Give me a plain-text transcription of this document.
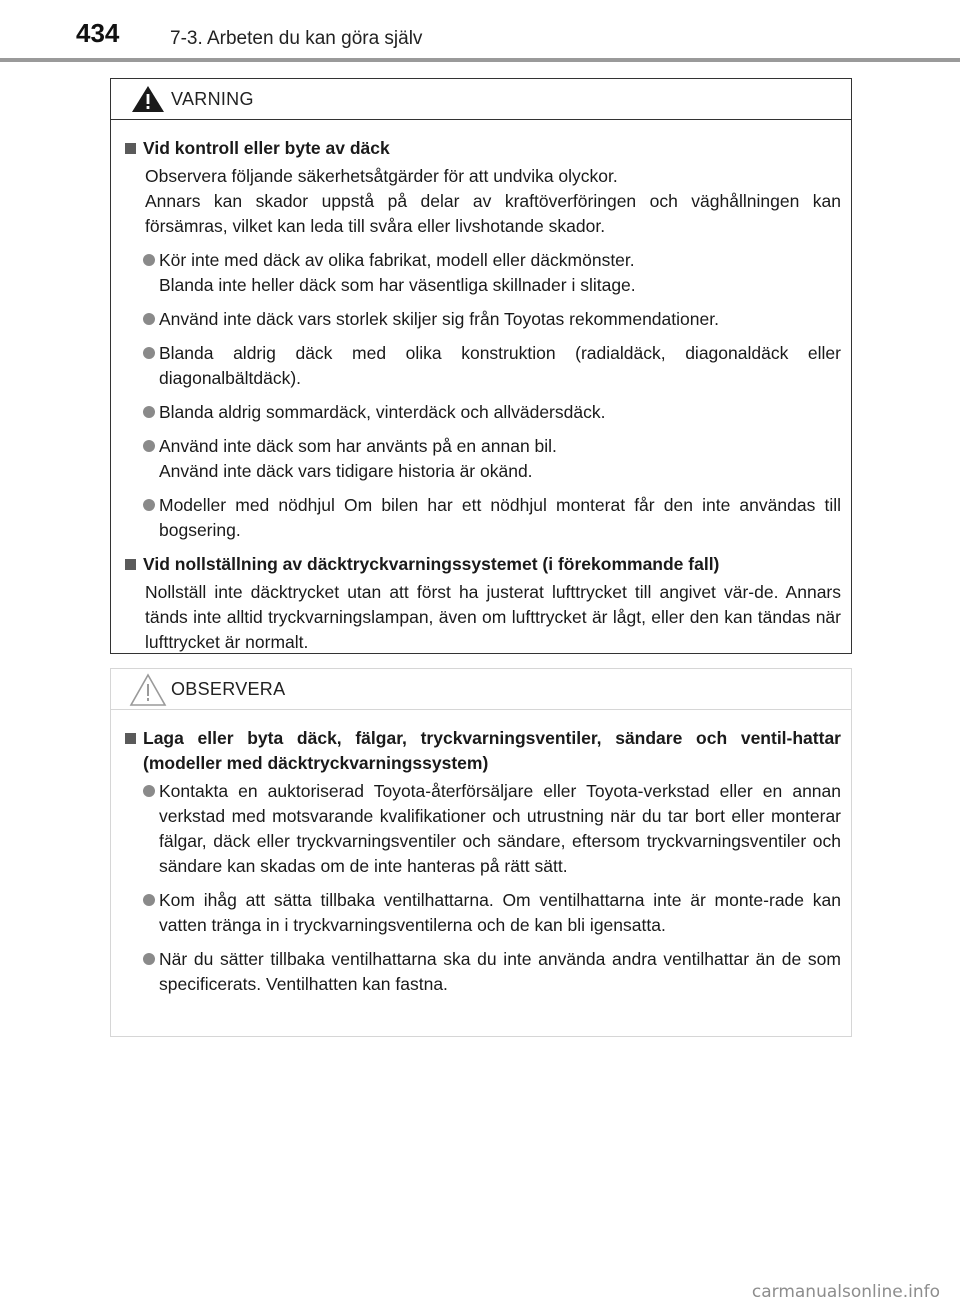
434	7-3. Arbeten du kan göra själv
VARNING
Vid kontroll eller byte av däck
Observera följande säkerhetsåtgärder för att undvika olyckor.
Annars kan skador uppstå på delar av kraftöverföringen och väghållningen kan försämras, vilket kan leda till svåra eller livshotande skador.
Kör inte med däck av olika fabrikat, modell eller däckmönster.
Blanda inte heller däck som har väsentliga skillnader i slitage.
Använd inte däck vars storlek skiljer sig från Toyotas rekommendationer.
Blanda aldrig däck med olika konstruktion (radialdäck, diagonaldäck eller diagonalbältdäck).
Blanda aldrig sommardäck, vinterdäck och allvädersdäck.
Använd inte däck som har använts på en annan bil.
Använd inte däck vars tidigare historia är okänd.
Modeller med nödhjul Om bilen har ett nödhjul monterat får den inte användas till bogsering.
Vid nollställning av däcktryckvarningssystemet (i förekommande fall)
Nollställ inte däcktrycket utan att först ha justerat lufttrycket till angivet vär-de. Annars tänds inte alltid tryckvarningslampan, även om lufttrycket är lågt, eller den kan tändas när lufttrycket är normalt.
OBSERVERA
Laga eller byta däck, fälgar, tryckvarningsventiler, sändare och ventil-hattar (modeller med däcktryckvarningssystem)
Kontakta en auktoriserad Toyota-återförsäljare eller Toyota-verkstad eller en annan verkstad med motsvarande kvalifikationer och utrustning när du tar bort eller monterar fälgar, däck eller tryckvarningsventiler och sändare, eftersom tryckvarningsventiler och sändare kan skadas om de inte hanteras på rätt sätt.
Kom ihåg att sätta tillbaka ventilhattarna. Om ventilhattarna inte är monte-rade kan vatten tränga in i tryckvarningsventilerna och de kan bli igensatta.
När du sätter tillbaka ventilhattarna ska du inte använda andra ventilhattar än de som specificerats. Ventilhatten kan fastna.
carmanualsonline.info
